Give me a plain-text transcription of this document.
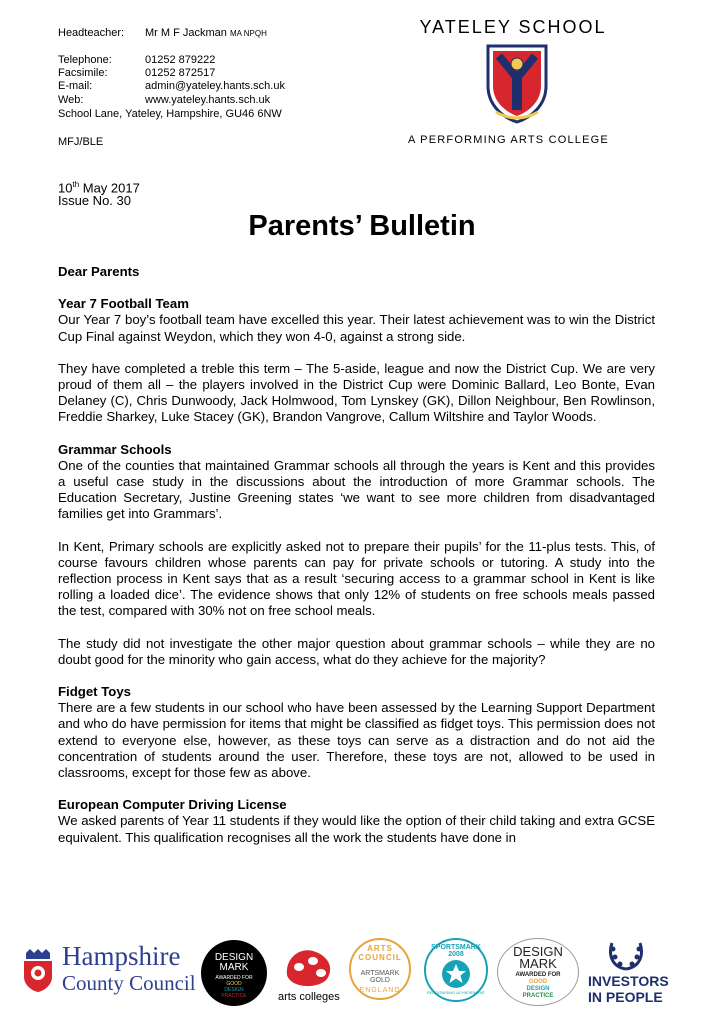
Headteacher: Mr M F Jackman MA NPQH
Telephone:	01252 879222
Facsimile:	01252 872517
E-mail:	admin@yateley.hants.sch.uk
Web:	www.yateley.hants.sch.uk
School Lane, Yateley, Hampshire, GU46 6NW
MFJ/BLE
YATELEY SCHOOL
A PERFORMING ARTS COLLEGE
10th May 2017
Issue No. 30
Parents’ Bulletin
Dear Parents
Year 7 Football Team

Our Year 7 boy’s football team have excelled this year. Their latest achievement was to win the District Cup Final against Weydon, which they won 4-0, against a strong side.

They have completed a treble this term – The 5-aside, league and now the District Cup. We are very proud of them all – the players involved in the District Cup were Dominic Ballard, Leo Bonte, Evan Delaney (C), Chris Dunwoody, Jack Holmwood, Tom Lynskey (GK), Dillon Neighbour, Ben Rowlinson, Freddie Sharkey, Luke Stacey (GK), Brandon Vangrove, Callum Wiltshire and Taylor Woods.

Grammar Schools

One of the counties that maintained Grammar schools all through the years is Kent and this provides a useful case study in the discussions about the introduction of more Grammar schools. The Education Secretary, Justine Greening states ‘we want to see more children from disadvantaged families get into Grammars’.

In Kent, Primary schools are explicitly asked not to prepare their pupils’ for the 11-plus tests. This, of course favours children whose parents can pay for private schools or tutoring. A study into the reflection process in Kent says that as a result ‘securing access to a grammar school in Kent is like rolling a loaded dice’. The evidence shows that only 12% of students on free schools meals passed the test, compared with 30% not on free school meals.

The study did not investigate the other major question about grammar schools – while they are no doubt good for the minority who gain access, what do they achieve for the majority?

Fidget Toys

There are a few students in our school who have been assessed by the Learning Support Department and who do have permission for items that might be classified as fidget toys. This permission does not extend to everyone else, however, as these toys can serve as a distraction and do not aid the concentration of students around the user. Therefore, these toys are not, allowed to be used in classrooms, except for those few as above.

European Computer Driving License

We asked parents of Year 11 students if they would like the option of their child taking and extra GCSE equivalent. This qualification recognises all the work the students have done in

Hampshire
County Council
DESIGN
MARK
AWARDED FOR
GOOD
DESIGN
PRACTICE	arts colleges
ARTS COUNCIL
ARTSMARK
GOLD
ENGLAND
SPORTSMARK 2008
RECOGNISING ACHIEVEMENT
DESIGN
MARK
AWARDED FOR
GOOD
DESIGN
PRACTICE
INVESTORS
IN PEOPLE
